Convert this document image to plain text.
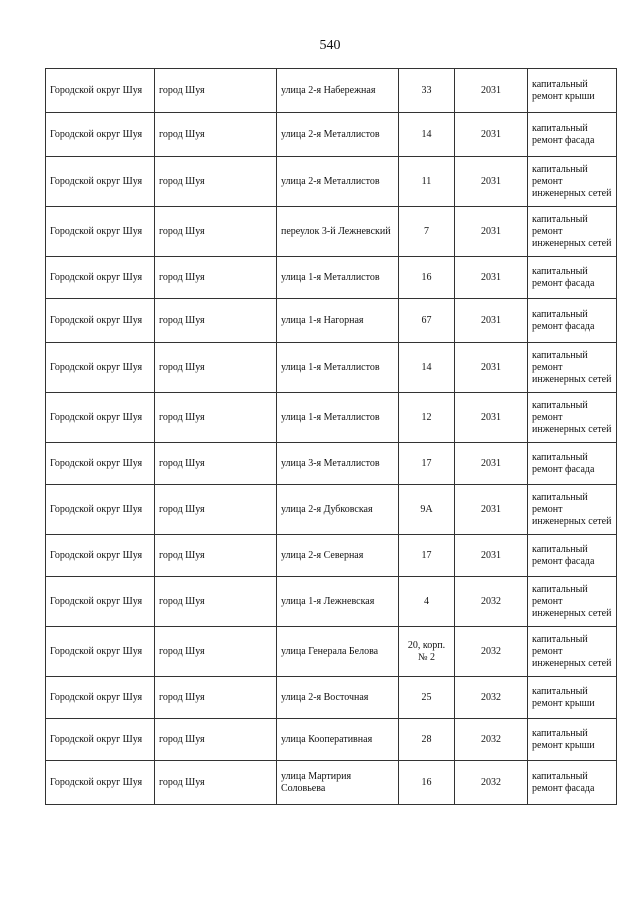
540
Городской округ Шуя	город Шуя	улица 2-я Набережная	33	2031	капитальный ремонт крыши
Городской округ Шуя	город Шуя	улица 2-я Металлистов	14	2031	капитальный ремонт фасада
Городской округ Шуя	город Шуя	улица 2-я Металлистов	11	2031	капитальный ремонт инженерных сетей
Городской округ Шуя	город Шуя	переулок 3-й Лежневский	7	2031	капитальный ремонт инженерных сетей
Городской округ Шуя	город Шуя	улица 1-я Металлистов	16	2031	капитальный ремонт фасада
Городской округ Шуя	город Шуя	улица 1-я Нагорная	67	2031	капитальный ремонт фасада
Городской округ Шуя	город Шуя	улица 1-я Металлистов	14	2031	капитальный ремонт инженерных сетей
Городской округ Шуя	город Шуя	улица 1-я Металлистов	12	2031	капитальный ремонт инженерных сетей
Городской округ Шуя	город Шуя	улица 3-я Металлистов	17	2031	капитальный ремонт фасада
Городской округ Шуя	город Шуя	улица 2-я Дубковская	9А	2031	капитальный ремонт инженерных сетей
Городской округ Шуя	город Шуя	улица 2-я Северная	17	2031	капитальный ремонт фасада
Городской округ Шуя	город Шуя	улица 1-я Лежневская	4	2032	капитальный ремонт инженерных сетей
Городской округ Шуя	город Шуя	улица Генерала Белова	20, корп. № 2	2032	капитальный ремонт инженерных сетей
Городской округ Шуя	город Шуя	улица 2-я Восточная	25	2032	капитальный ремонт крыши
Городской округ Шуя	город Шуя	улица Кооперативная	28	2032	капитальный ремонт крыши
Городской округ Шуя	город Шуя	улица Мартирия Соловьева	16	2032	капитальный ремонт фасада
